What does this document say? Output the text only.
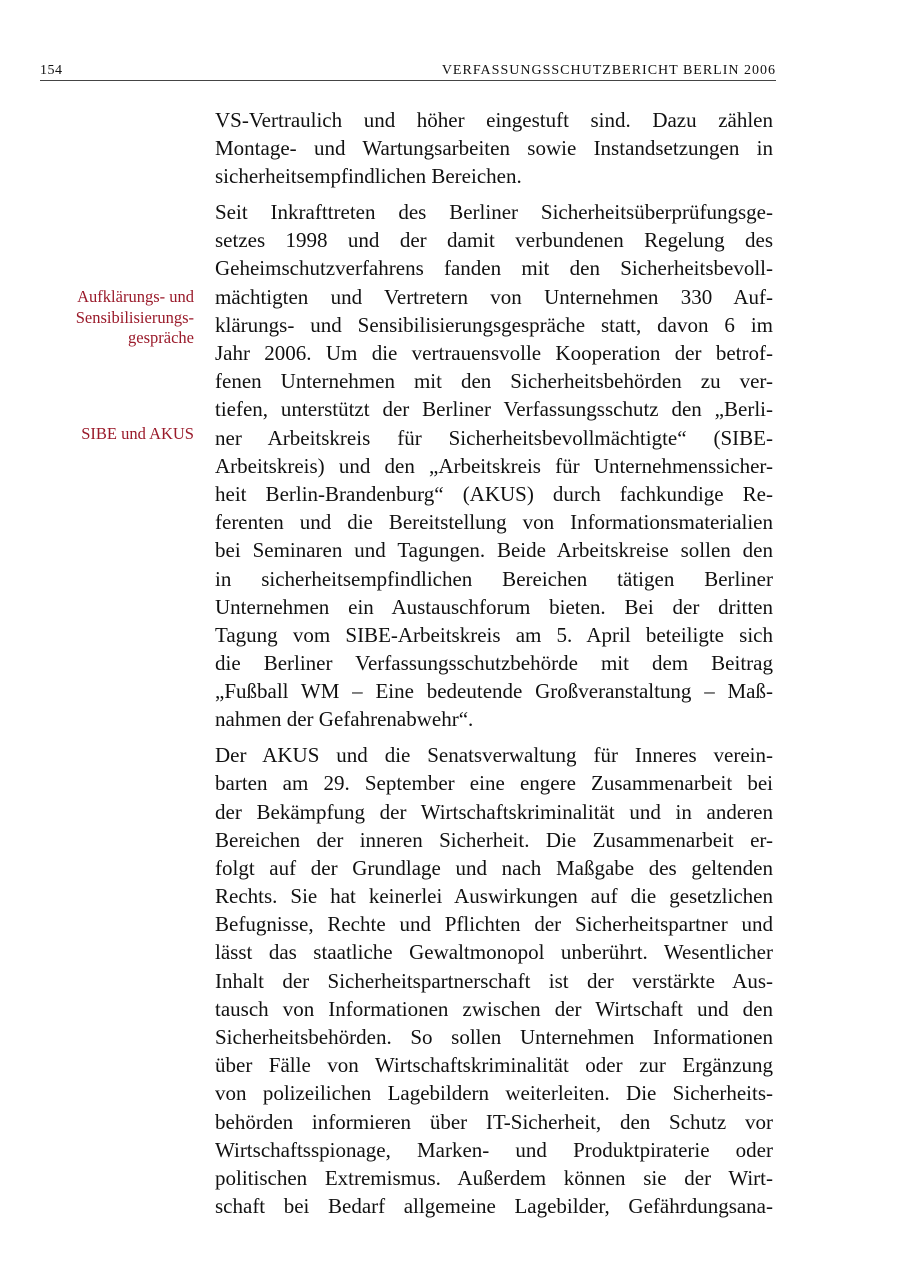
154	VERFASSUNGSSCHUTZBERICHT BERLIN 2006
Aufklärungs- und
Sensibilisierungs-
gespräche
SIBE und AKUS
VS-Vertraulich und höher eingestuft sind. Dazu zählen
Montage- und Wartungsarbeiten sowie Instandsetzungen in
sicherheitsempfindlichen Bereichen.
Seit Inkrafttreten des Berliner Sicherheitsüberprüfungsge-
setzes 1998 und der damit verbundenen Regelung des
Geheimschutzverfahrens fanden mit den Sicherheitsbevoll-
mächtigten und Vertretern von Unternehmen 330 Auf-
klärungs- und Sensibilisierungsgespräche statt, davon 6 im
Jahr 2006. Um die vertrauensvolle Kooperation der betrof-
fenen Unternehmen mit den Sicherheitsbehörden zu ver-
tiefen, unterstützt der Berliner Verfassungsschutz den „Berli-
ner Arbeitskreis für Sicherheitsbevollmächtigte“ (SIBE-
Arbeitskreis) und den „Arbeitskreis für Unternehmenssicher-
heit Berlin-Brandenburg“ (AKUS) durch fachkundige Re-
ferenten und die Bereitstellung von Informationsmaterialien
bei Seminaren und Tagungen. Beide Arbeitskreise sollen den
in sicherheitsempfindlichen Bereichen tätigen Berliner
Unternehmen ein Austauschforum bieten. Bei der dritten
Tagung vom SIBE-Arbeitskreis am 5. April beteiligte sich
die Berliner Verfassungsschutzbehörde mit dem Beitrag
„Fußball WM – Eine bedeutende Großveranstaltung – Maß-
nahmen der Gefahrenabwehr“.
Der AKUS und die Senatsverwaltung für Inneres verein-
barten am 29. September eine engere Zusammenarbeit bei
der Bekämpfung der Wirtschaftskriminalität und in anderen
Bereichen der inneren Sicherheit. Die Zusammenarbeit er-
folgt auf der Grundlage und nach Maßgabe des geltenden
Rechts. Sie hat keinerlei Auswirkungen auf die gesetzlichen
Befugnisse, Rechte und Pflichten der Sicherheitspartner und
lässt das staatliche Gewaltmonopol unberührt. Wesentlicher
Inhalt der Sicherheitspartnerschaft ist der verstärkte Aus-
tausch von Informationen zwischen der Wirtschaft und den
Sicherheitsbehörden. So sollen Unternehmen Informationen
über Fälle von Wirtschaftskriminalität oder zur Ergänzung
von polizeilichen Lagebildern weiterleiten. Die Sicherheits-
behörden informieren über IT-Sicherheit, den Schutz vor
Wirtschaftsspionage, Marken- und Produktpiraterie oder
politischen Extremismus. Außerdem können sie der Wirt-
schaft bei Bedarf allgemeine Lagebilder, Gefährdungsana-
